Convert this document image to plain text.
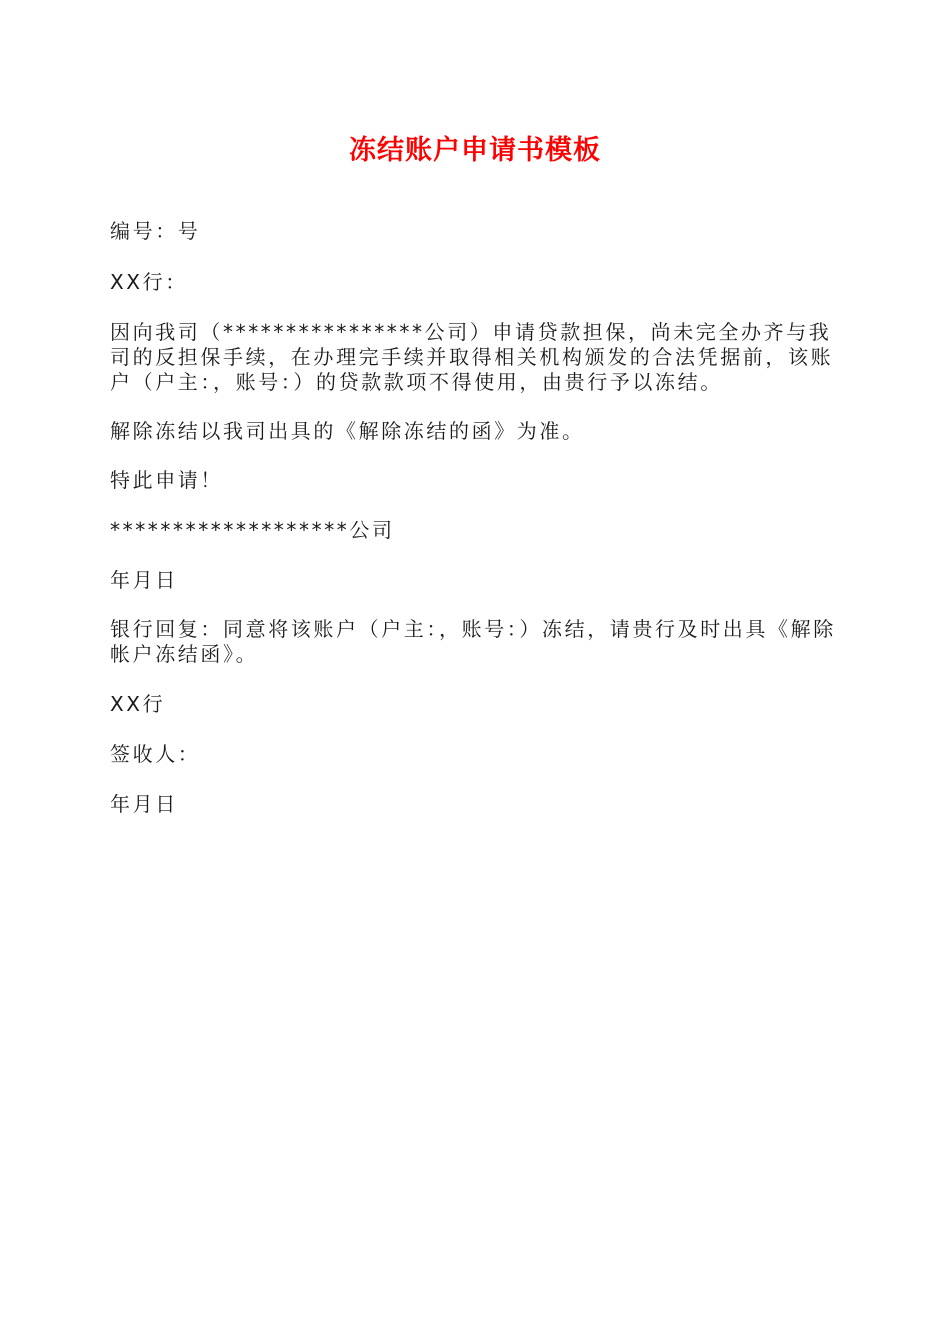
冻结账户申请书模板

编号：号

XX行：

因向我司（****************公司）申请贷款担保，尚未完全办齐与我司的反担保手续，在办理完手续并取得相关机构颁发的合法凭据前，该账户（户主：，账号：）的贷款款项不得使用，由贵行予以冻结。

解除冻结以我司出具的《解除冻结的函》为准。

特此申请！

*******************公司

年月日

银行回复：同意将该账户（户主：，账号：）冻结，请贵行及时出具《解除帐户冻结函》。

XX行

签收人：

年月日
